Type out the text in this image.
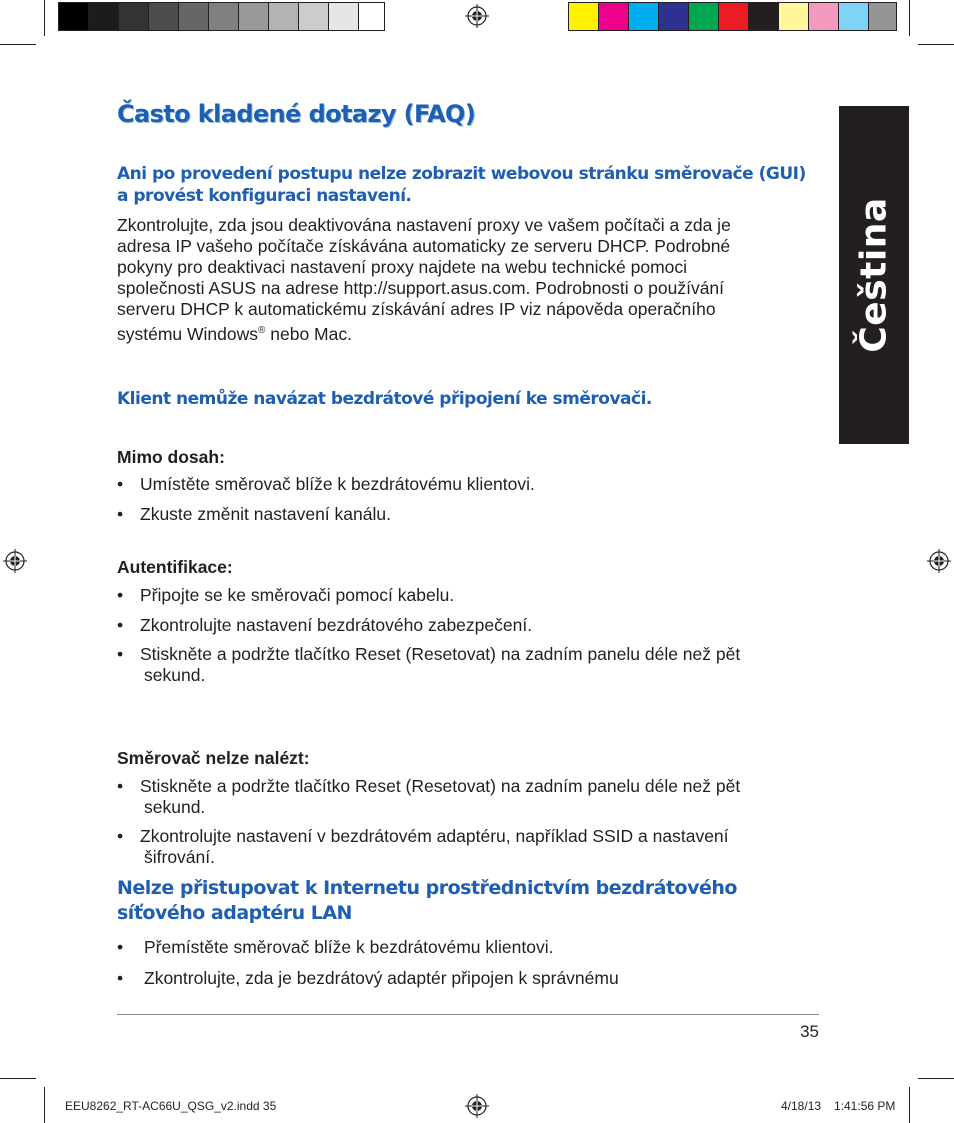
Čeština
Často kladené dotazy (FAQ)
Ani po provedení postupu nelze zobrazit webovou stránku směrovače (GUI)
a provést konfiguraci nastavení.
Zkontrolujte, zda jsou deaktivována nastavení proxy ve vašem počítači a zda je
adresa IP vašeho počítače získávána automaticky ze serveru DHCP. Podrobné
pokyny pro deaktivaci nastavení proxy najdete na webu technické pomoci
společnosti ASUS na adrese http://support.asus.com. Podrobnosti o používání
serveru DHCP k automatickému získávání adres IP viz nápověda operačního
systému Windows® nebo Mac.
Klient nemůže navázat bezdrátové připojení ke směrovači.
Mimo dosah:
• Umístěte směrovač blíže k bezdrátovému klientovi.
• Zkuste změnit nastavení kanálu.
Autentifikace:
• Připojte se ke směrovači pomocí kabelu.
• Zkontrolujte nastavení bezdrátového zabezpečení.
• Stiskněte a podržte tlačítko Reset (Resetovat) na zadním panelu déle než pět
sekund.
Směrovač nelze nalézt:
• Stiskněte a podržte tlačítko Reset (Resetovat) na zadním panelu déle než pět
sekund.
• Zkontrolujte nastavení v bezdrátovém adaptéru, například SSID a nastavení
šifrování.
Nelze přistupovat k Internetu prostřednictvím bezdrátového
síťového adaptéru LAN
•	Přemístěte směrovač blíže k bezdrátovému klientovi.
•	Zkontrolujte, zda je bezdrátový adaptér připojen k správnému
35
EEU8262_RT-AC66U_QSG_v2.indd 35	4/18/13 1:41:56 PM
